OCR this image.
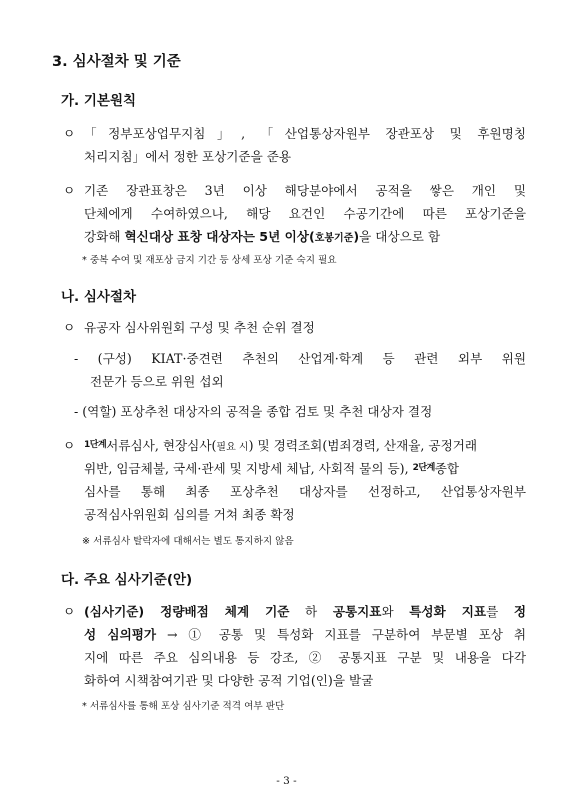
3. 심사절차 및 기준
가. 기본원칙
ㅇ 「정부포상업무지침」, 「산업통상자원부 장관포상 및 후원명칭
처리지침」에서 정한 포상기준을 준용
ㅇ 기존 장관표창은 3년 이상 해당분야에서 공적을 쌓은 개인 및
단체에게 수여하였으나, 해당 요건인 수공기간에 따른 포상기준을
강화해 혁신대상 표창 대상자는 5년 이상(호봉기준)을 대상으로 함
* 중복 수여 및 재포상 금지 기간 등 상세 포상 기준 숙지 필요
나. 심사절차
ㅇ 유공자 심사위원회 구성 및 추천 순위 결정
- (구성) KIAT·중견련 추천의 산업계·학계 등 관련 외부 위원
전문가 등으로 위원 섭외
- (역할) 포상추천 대상자의 공적을 종합 검토 및 추천 대상자 결정
ㅇ $^{1단계}$서류심사, 현장심사(필요 시) 및 경력조회(범죄경력, 산재율, 공정거래
위반, 임금체불, 국세·관세 및 지방세 체납, 사회적 물의 등), $^{2단계}$종합
심사를 통해 최종 포상추천 대상자를 선정하고, 산업통상자원부
공적심사위원회 심의를 거쳐 최종 확정
※ 서류심사 탈락자에 대해서는 별도 통지하지 않음
다. 주요 심사기준(안)
ㅇ (심사기준) 정량배점 체계 기준 하 공통지표와 특성화 지표를 정
성 심의평가 → ① 공통 및 특성화 지표를 구분하여 부문별 포상 취
지에 따른 주요 심의내용 등 강조, ② 공통지표 구분 및 내용을 다각
화하여 시책참여기관 및 다양한 공적 기업(인)을 발굴
* 서류심사를 통해 포상 심사기준 적격 여부 판단
- 3 -
